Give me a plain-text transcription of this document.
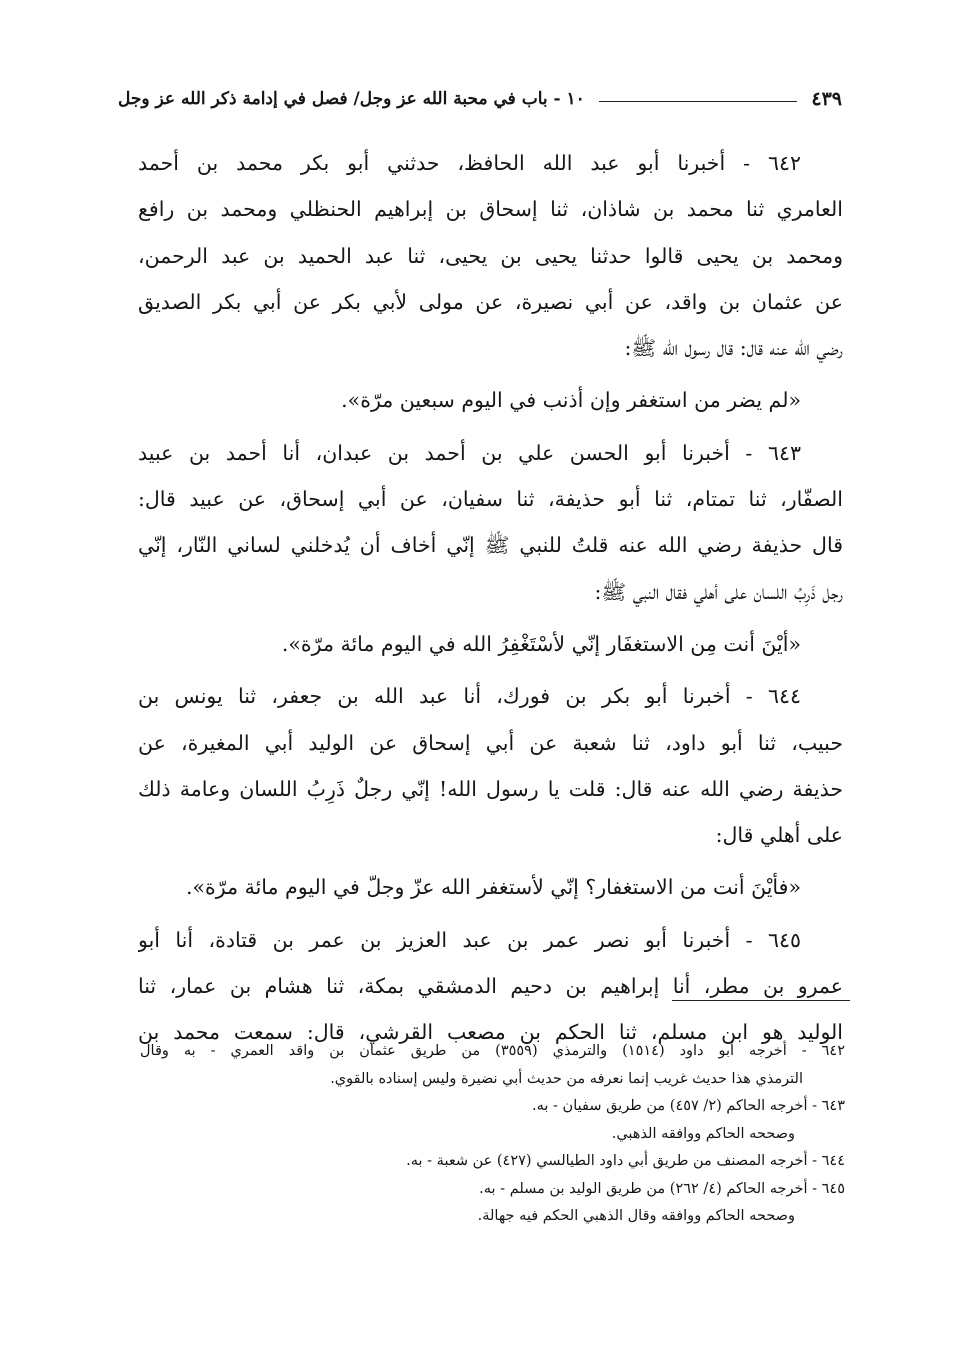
١٠ - باب في محبة الله عز وجل/ فصل في إدامة ذكر الله عز وجل	٤٣٩
٦٤٢ - أخبرنا أبو عبد الله الحافظ، حدثني أبو بكر محمد بن أحمد
العامري ثنا محمد بن شاذان، ثنا إسحاق بن إبراهيم الحنظلي ومحمد بن رافع
ومحمد بن يحيى قالوا حدثنا يحيى بن يحيى، ثنا عبد الحميد بن عبد الرحمن،
عن عثمان بن واقد، عن أبي نصيرة، عن مولى لأبي بكر عن أبي بكر الصديق
رضي الله عنه قال: قال رسول الله ﷺ:
«لم يضر من استغفر وإن أذنب في اليوم سبعين مرّة».
٦٤٣ - أخبرنا أبو الحسن علي بن أحمد بن عبدان، أنا أحمد بن عبيد
الصفّار، ثنا تمتام، ثنا أبو حذيفة، ثنا سفيان، عن أبي إسحاق، عن عبيد قال:
قال حذيفة رضي الله عنه قلتُ للنبي ﷺ إنّي أخاف أن يُدخلني لساني النّار، إنّي
رجل ذَرِبُ اللسان على أهلي فقال النبي ﷺ:
«أيْنَ أنت مِن الاستغفَار إنّي لأسْتَغْفِرُ الله في اليوم مائة مرّة».
٦٤٤ - أخبرنا أبو بكر بن فورك، أنا عبد الله بن جعفر، ثنا يونس بن
حبيب، ثنا أبو داود، ثنا شعبة عن أبي إسحاق عن الوليد أبي المغيرة، عن
حذيفة رضي الله عنه قال: قلت يا رسول الله! إنّي رجلٌ ذَرِبُ اللسان وعامة ذلك
على أهلي قال:
«فأيْنَ أنت من الاستغفار؟ إنّي لأستغفر الله عزّ وجلّ في اليوم مائة مرّة».
٦٤٥ - أخبرنا أبو نصر عمر بن عبد العزيز بن عمر بن قتادة، أنا أبو
عمرو بن مطر، أنا إبراهيم بن دحيم الدمشقي بمكة، ثنا هشام بن عمار، ثنا
الوليد هو ابن مسلم، ثنا الحكم بن مصعب القرشي، قال: سمعت محمد بن
٦٤٢ - أخرجه أبو داود (١٥١٤) والترمذي (٣٥٥٩) من طريق عثمان بن واقد العمري - به وقال
الترمذي هذا حديث غريب إنما نعرفه من حديث أبي نضيرة وليس إسناده بالقوي.
٦٤٣ - أخرجه الحاكم (٢/ ٤٥٧) من طريق سفيان - به.
وصححه الحاكم ووافقه الذهبي.
٦٤٤ - أخرجه المصنف من طريق أبي داود الطيالسي (٤٢٧) عن شعبة - به.
٦٤٥ - أخرجه الحاكم (٤/ ٢٦٢) من طريق الوليد بن مسلم - به.
وصححه الحاكم ووافقه وقال الذهبي الحكم فيه جهالة.
